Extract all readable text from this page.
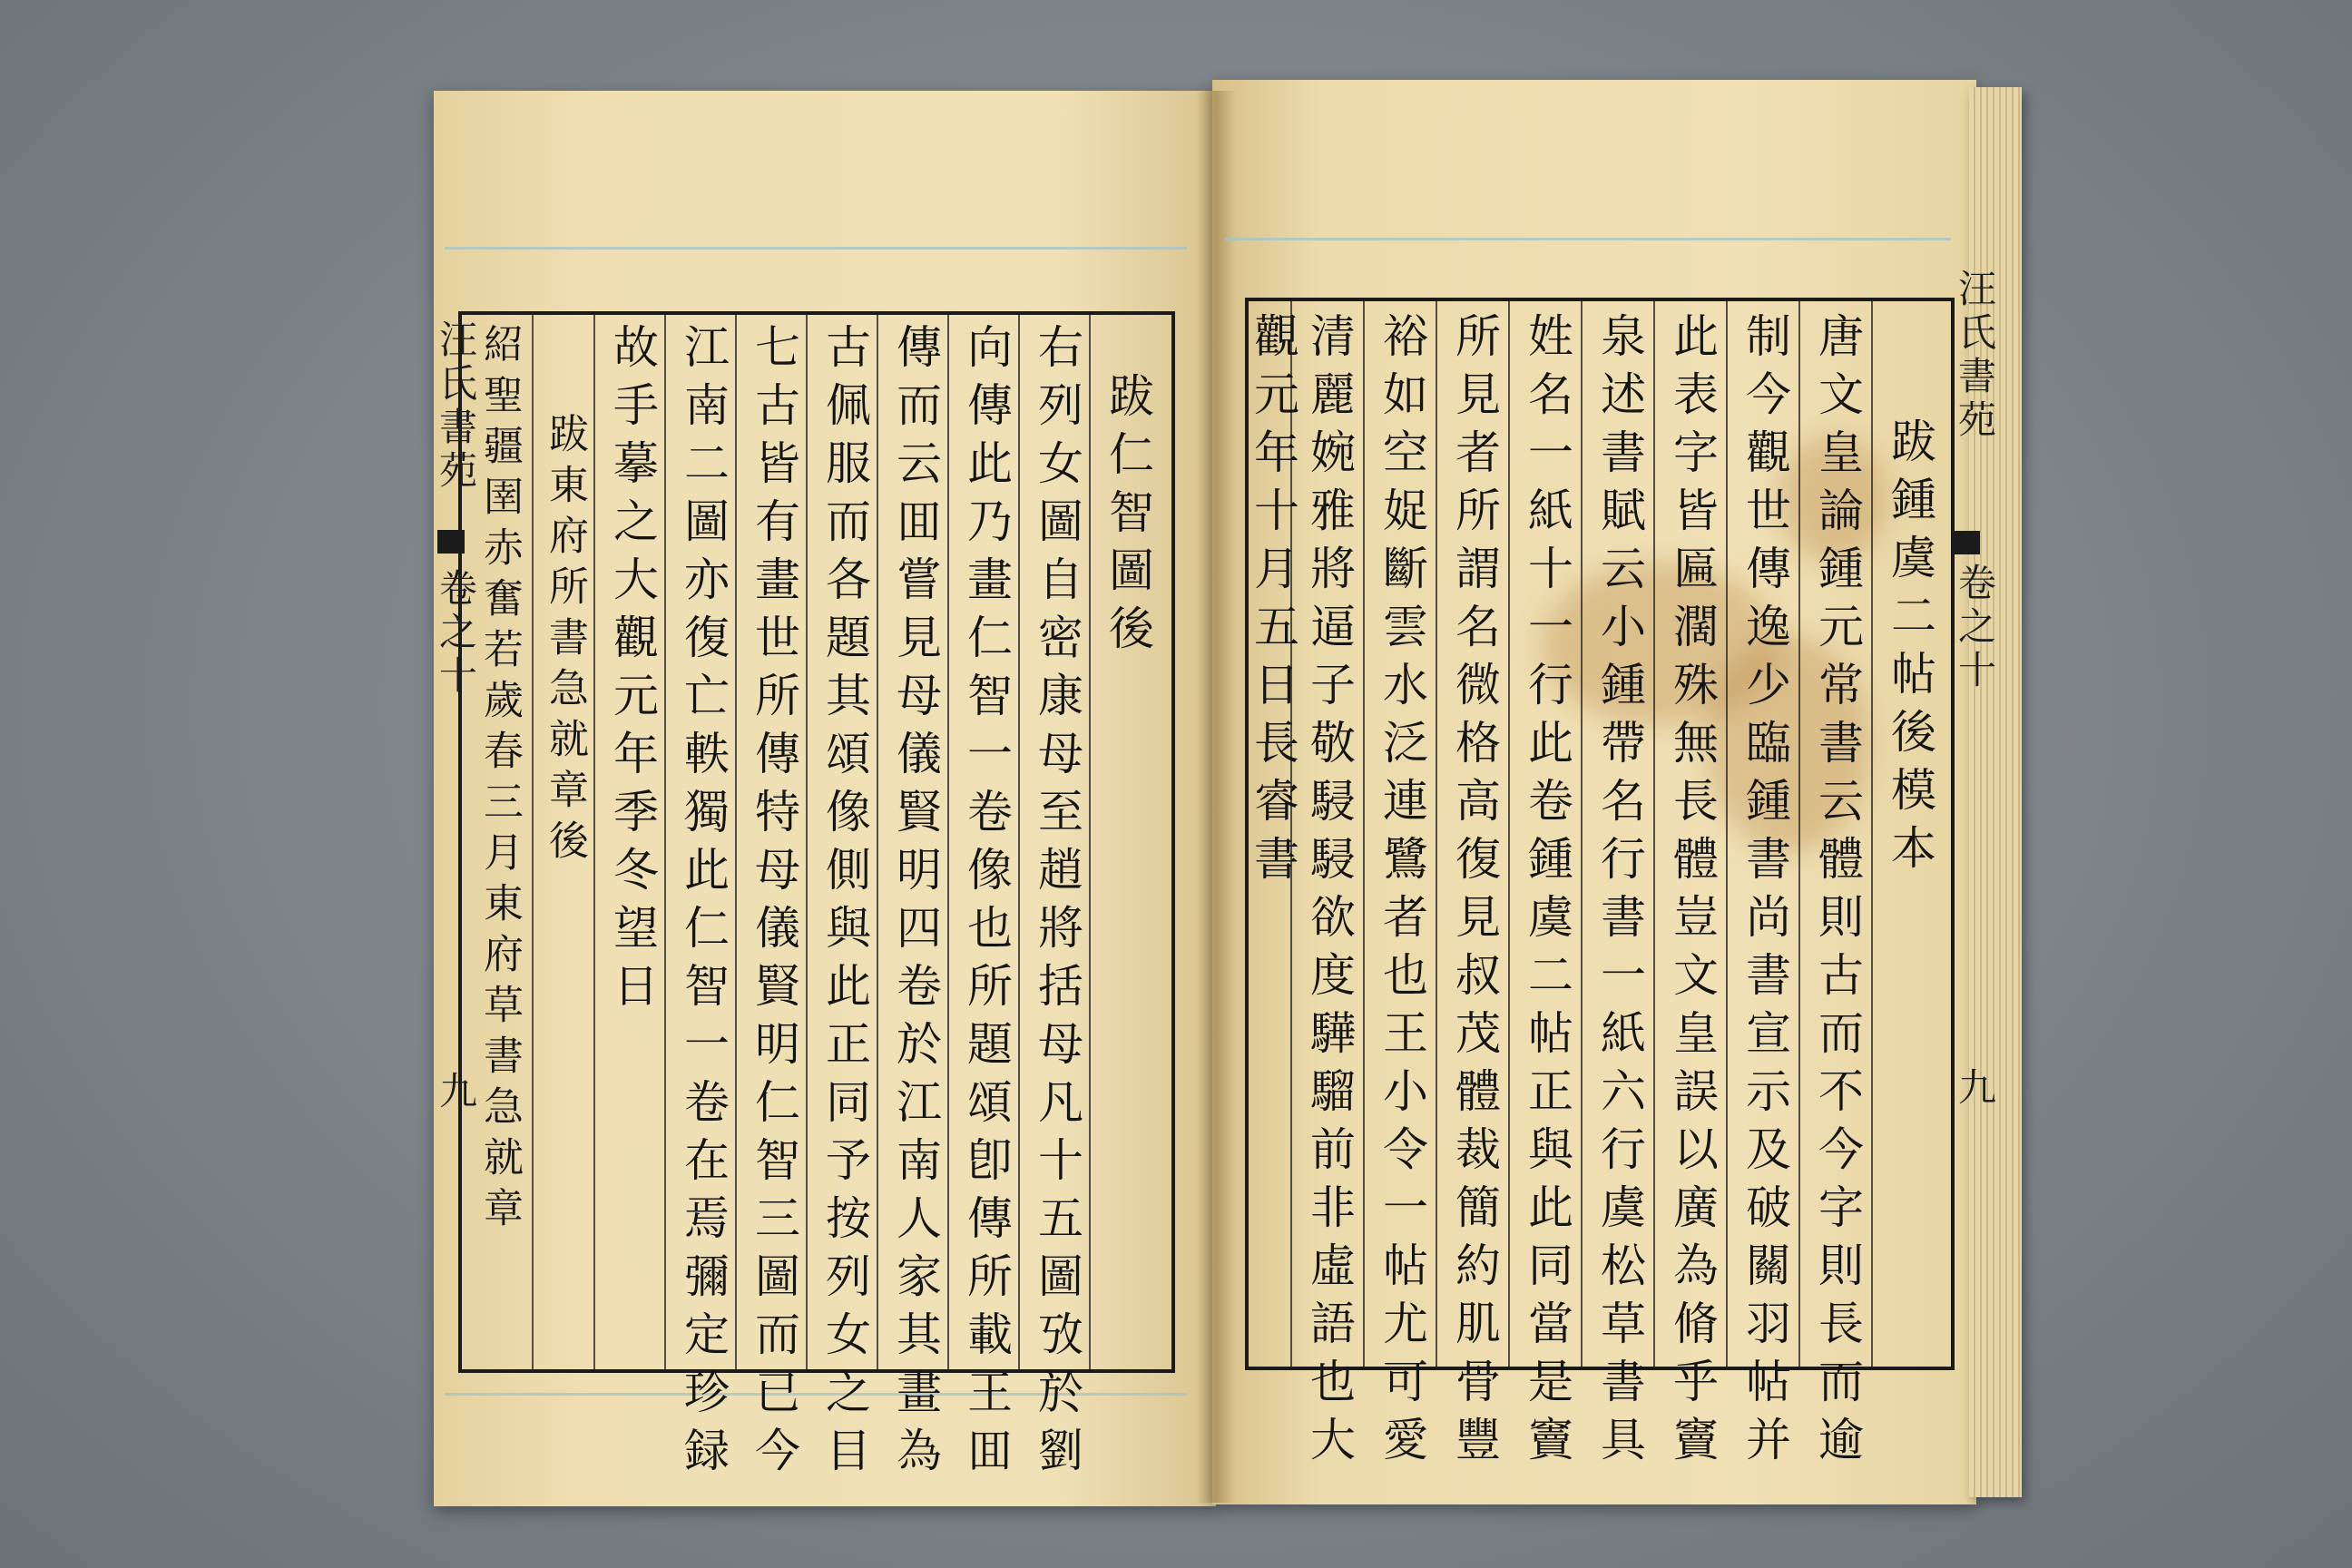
汪氏書苑
卷之十
九
跋仁智圖後
右列女圖自密康母至趙將括母凡十五圖攷於劉
向傳此乃畫仁智一卷像也所題頌卽傳所載王囬
傳而云囬嘗見母儀賢明四卷於江南人家其畫為
古佩服而各題其頌像側與此正同予按列女之目
七古皆有畫世所傳特母儀賢明仁智三圖而已今
江南二圖亦復亡軼獨此仁智一卷在焉彌定珍録
故手摹之大觀元年季冬望日
跋東府所書急就章後
紹聖疆圉赤奮若歲春三月東府草書急就章	汪氏書苑
卷之十
九
跋鍾虞二帖後模本
唐文皇論鍾元常書云體則古而不今字則長而逾
制今觀世傳逸少臨鍾書尚書宣示及破關羽帖并
此表字皆匾濶殊無長體豈文皇誤以廣為脩乎竇
泉述書賦云小鍾帶名行書一紙六行虞松草書具
姓名一紙十一行此卷鍾虞二帖正與此同當是竇
所見者所謂名微格高復見叔茂體裁簡約肌骨豐
裕如空娖斷雲水泛連鷺者也王小令一帖尤可愛
清麗婉雅將逼子敬駸駸欲度驊騮前非虛語也大
觀元年十月五日長睿書
